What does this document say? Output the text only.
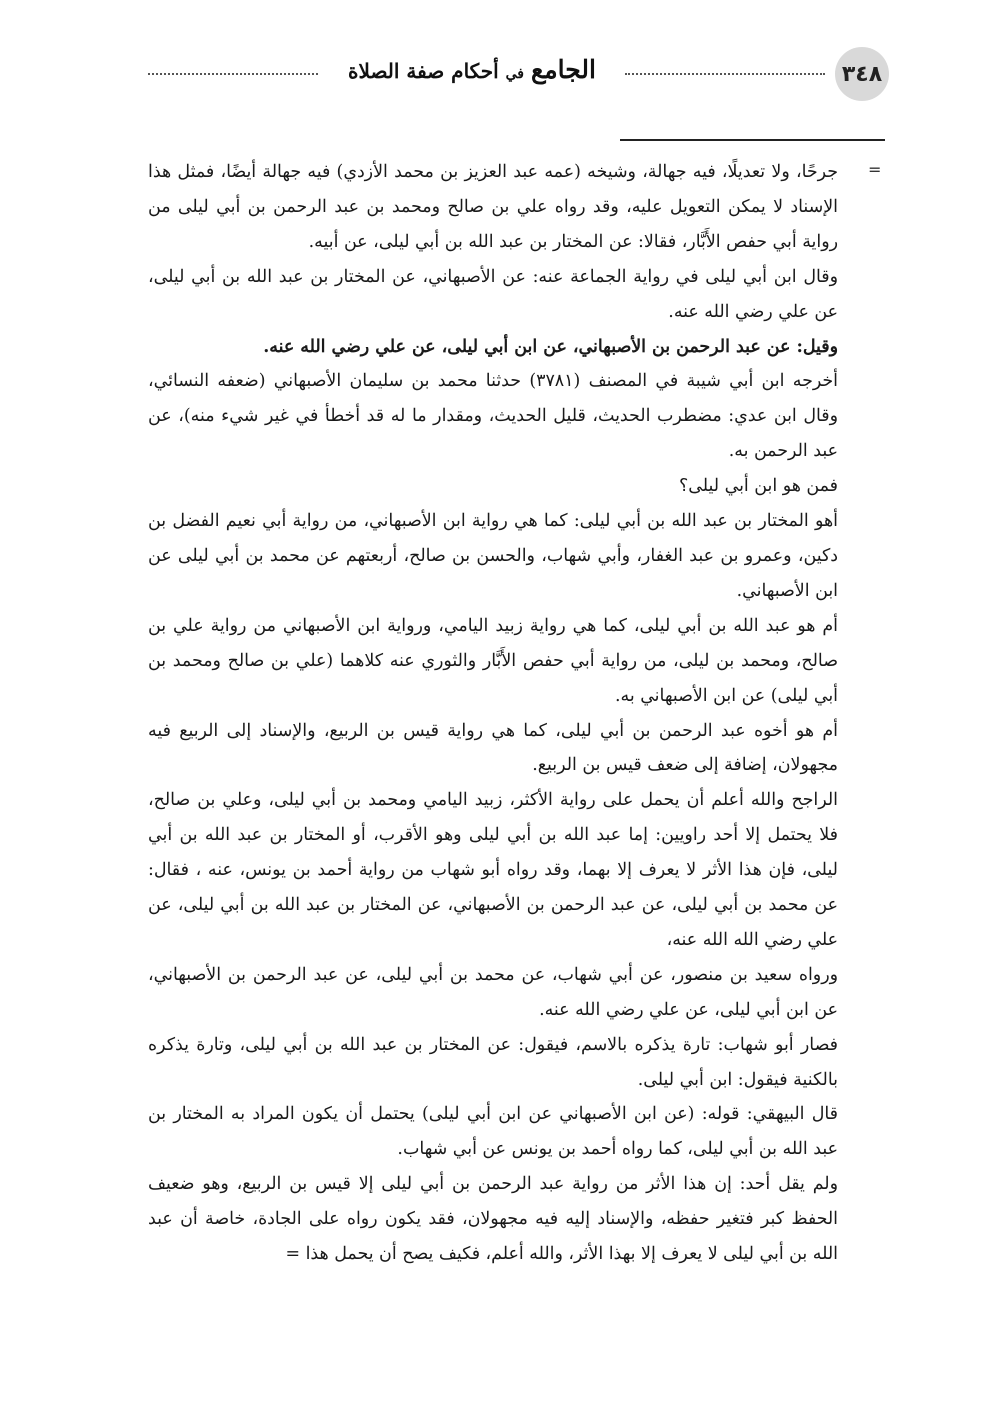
٣٤٨
الجامع في أحكام صفة الصلاة
=

جرحًا، ولا تعديلًا، فيه جهالة، وشيخه (عمه عبد العزيز بن محمد الأزدي) فيه جهالة أيضًا، فمثل هذا الإسناد لا يمكن التعويل عليه، وقد رواه علي بن صالح ومحمد بن عبد الرحمن بن أبي ليلى من رواية أبي حفص الأَبَّار، فقالا: عن المختار بن عبد الله بن أبي ليلى، عن أبيه.

وقال ابن أبي ليلى في رواية الجماعة عنه: عن الأصبهاني، عن المختار بن عبد الله بن أبي ليلى، عن علي رضي الله عنه.

وقيل: عن عبد الرحمن بن الأصبهاني، عن ابن أبي ليلى، عن علي رضي الله عنه.

أخرجه ابن أبي شيبة في المصنف (٣٧٨١) حدثنا محمد بن سليمان الأصبهاني (ضعفه النسائي، وقال ابن عدي: مضطرب الحديث، قليل الحديث، ومقدار ما له قد أخطأ في غير شيء منه)، عن عبد الرحمن به.

فمن هو ابن أبي ليلى؟

أهو المختار بن عبد الله بن أبي ليلى: كما هي رواية ابن الأصبهاني، من رواية أبي نعيم الفضل بن دكين، وعمرو بن عبد الغفار، وأبي شهاب، والحسن بن صالح، أربعتهم عن محمد بن أبي ليلى عن ابن الأصبهاني.

أم هو عبد الله بن أبي ليلى، كما هي رواية زبيد اليامي، ورواية ابن الأصبهاني من رواية علي بن صالح، ومحمد بن ليلى، من رواية أبي حفص الأَبَّار والثوري عنه كلاهما (علي بن صالح ومحمد بن أبي ليلى) عن ابن الأصبهاني به.

أم هو أخوه عبد الرحمن بن أبي ليلى، كما هي رواية قيس بن الربيع، والإسناد إلى الربيع فيه مجهولان، إضافة إلى ضعف قيس بن الربيع.

الراجح والله أعلم أن يحمل على رواية الأكثر، زبيد اليامي ومحمد بن أبي ليلى، وعلي بن صالح، فلا يحتمل إلا أحد راويين: إما عبد الله بن أبي ليلى وهو الأقرب، أو المختار بن عبد الله بن أبي ليلى، فإن هذا الأثر لا يعرف إلا بهما، وقد رواه أبو شهاب من رواية أحمد بن يونس، عنه ، فقال: عن محمد بن أبي ليلى، عن عبد الرحمن بن الأصبهاني، عن المختار بن عبد الله بن أبي ليلى، عن علي رضي الله الله عنه،

ورواه سعيد بن منصور، عن أبي شهاب، عن محمد بن أبي ليلى، عن عبد الرحمن بن الأصبهاني، عن ابن أبي ليلى، عن علي رضي الله عنه.

فصار أبو شهاب: تارة يذكره بالاسم، فيقول: عن المختار بن عبد الله بن أبي ليلى، وتارة يذكره بالكنية فيقول: ابن أبي ليلى.

قال البيهقي: قوله: (عن ابن الأصبهاني عن ابن أبي ليلى) يحتمل أن يكون المراد به المختار بن عبد الله بن أبي ليلى، كما رواه أحمد بن يونس عن أبي شهاب.

ولم يقل أحد: إن هذا الأثر من رواية عبد الرحمن بن أبي ليلى إلا قيس بن الربيع، وهو ضعيف الحفظ كبر فتغير حفظه، والإسناد إليه فيه مجهولان، فقد يكون رواه على الجادة، خاصة أن عبد الله بن أبي ليلى لا يعرف إلا بهذا الأثر، والله أعلم، فكيف يصح أن يحمل هذا =
